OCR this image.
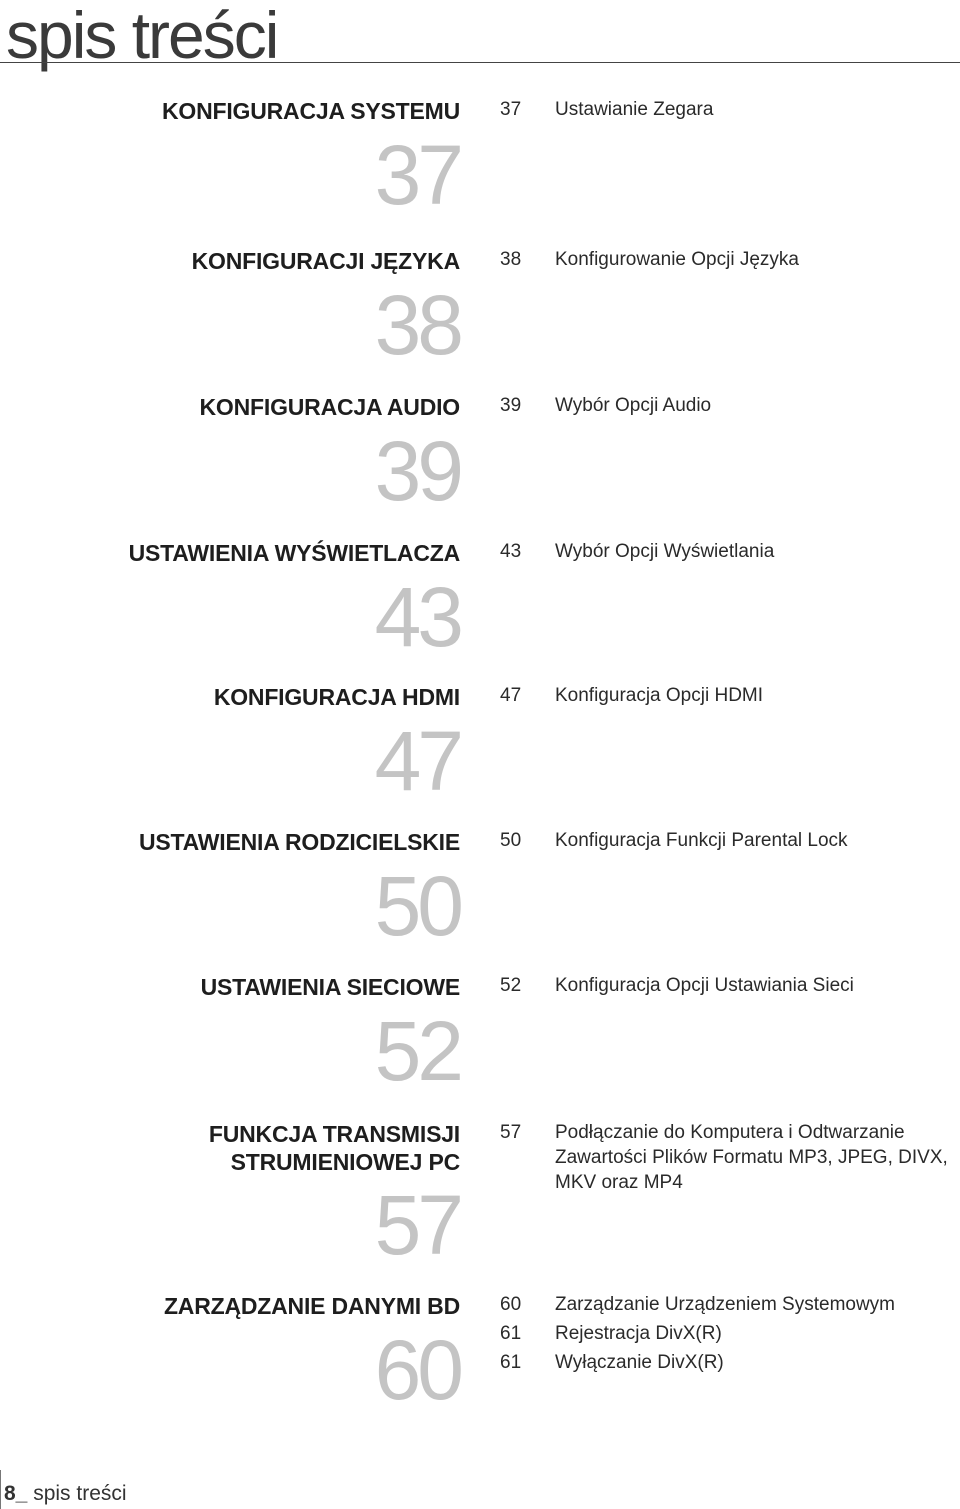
spis treści
KONFIGURACJA SYSTEMU
37
37 Ustawianie Zegara
KONFIGURACJI JĘZYKA
38
38 Konfigurowanie Opcji Języka
KONFIGURACJA AUDIO
39
39 Wybór Opcji Audio
USTAWIENIA WYŚWIETLACZA
43
43 Wybór Opcji Wyświetlania
KONFIGURACJA HDMI
47
47 Konfiguracja Opcji HDMI
USTAWIENIA RODZICIELSKIE
50
50 Konfiguracja Funkcji Parental Lock
USTAWIENIA SIECIOWE
52
52 Konfiguracja Opcji Ustawiania Sieci
FUNKCJA TRANSMISJI STRUMIENIOWEJ PC
57
57 Podłączanie do Komputera i Odtwarzanie Zawartości Plików Formatu MP3, JPEG, DIVX, MKV oraz MP4
ZARZĄDZANIE DANYMI BD
60
60 Zarządzanie Urządzeniem Systemowym
61 Rejestracja DivX(R)
61 Wyłączanie DivX(R)
8_ spis treści
